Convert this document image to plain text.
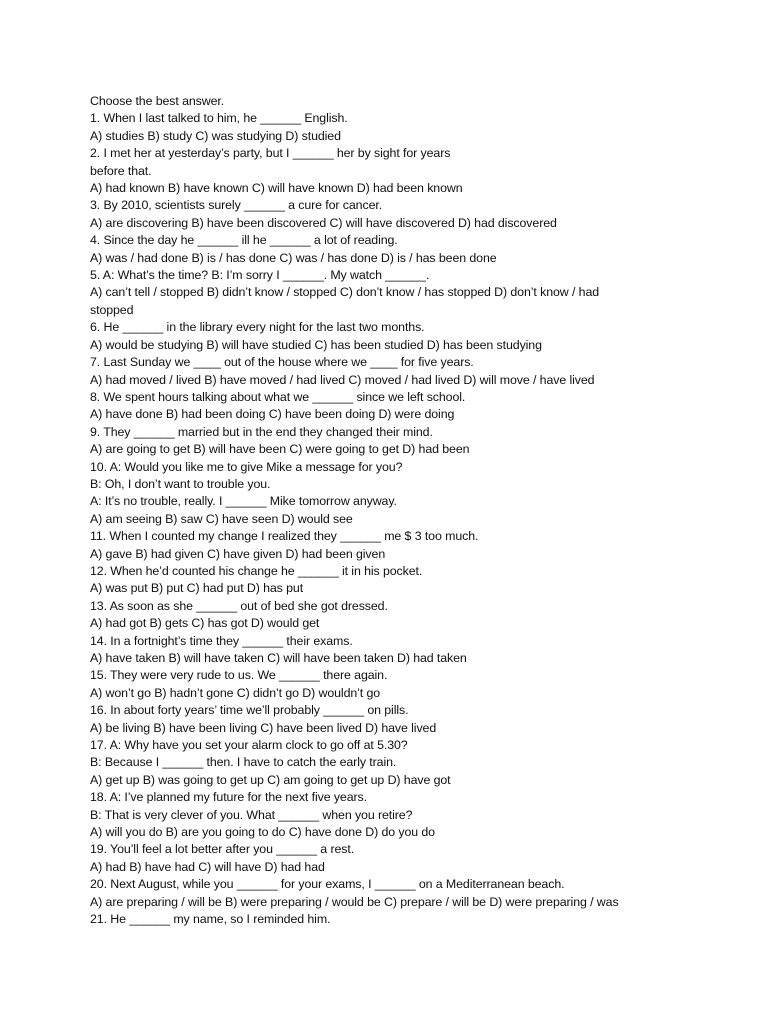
Choose the best answer.
1. When I last talked to him, he ______ English.
A) studies B) study C) was studying D) studied
2. I met her at yesterday’s party, but I ______ her by sight for years
before that.
A) had known B) have known C) will have known D) had been known
3. By 2010, scientists surely ______ a cure for cancer.
A) are discovering B) have been discovered C) will have discovered D) had discovered
4. Since the day he ______ ill he ______ a lot of reading.
A) was / had done B) is / has done C) was / has done D) is / has been done
5. A: What’s the time? B: I’m sorry I ______. My watch ______.
A) can’t tell / stopped B) didn’t know / stopped C) don’t know / has stopped D) don’t know / had
stopped
6. He ______ in the library every night for the last two months.
A) would be studying B) will have studied C) has been studied D) has been studying
7. Last Sunday we ____ out of the house where we ____ for five years.
A) had moved / lived B) have moved / had lived C) moved / had lived D) will move / have lived
8. We spent hours talking about what we ______ since we left school.
A) have done B) had been doing C) have been doing D) were doing
9. They ______ married but in the end they changed their mind.
A) are going to get B) will have been C) were going to get D) had been
10. A: Would you like me to give Mike a message for you?
B: Oh, I don’t want to trouble you.
A: It’s no trouble, really. I ______ Mike tomorrow anyway.
A) am seeing B) saw C) have seen D) would see
11. When I counted my change I realized they ______ me $ 3 too much.
A) gave B) had given C) have given D) had been given
12. When he’d counted his change he ______ it in his pocket.
A) was put B) put C) had put D) has put
13. As soon as she ______ out of bed she got dressed.
A) had got B) gets C) has got D) would get
14. In a fortnight’s time they ______ their exams.
A) have taken B) will have taken C) will have been taken D) had taken
15. They were very rude to us. We ______ there again.
A) won’t go B) hadn’t gone C) didn’t go D) wouldn’t go
16. In about forty years’ time we’ll probably ______ on pills.
A) be living B) have been living C) have been lived D) have lived
17. A: Why have you set your alarm clock to go off at 5.30?
B: Because I ______ then. I have to catch the early train.
A) get up B) was going to get up C) am going to get up D) have got
18. A: I’ve planned my future for the next five years.
B: That is very clever of you. What ______ when you retire?
A) will you do B) are you going to do C) have done D) do you do
19. You’ll feel a lot better after you ______ a rest.
A) had B) have had C) will have D) had had
20. Next August, while you ______ for your exams, I ______ on a Mediterranean beach.
A) are preparing / will be B) were preparing / would be C) prepare / will be D) were preparing / was
21. He ______ my name, so I reminded him.
